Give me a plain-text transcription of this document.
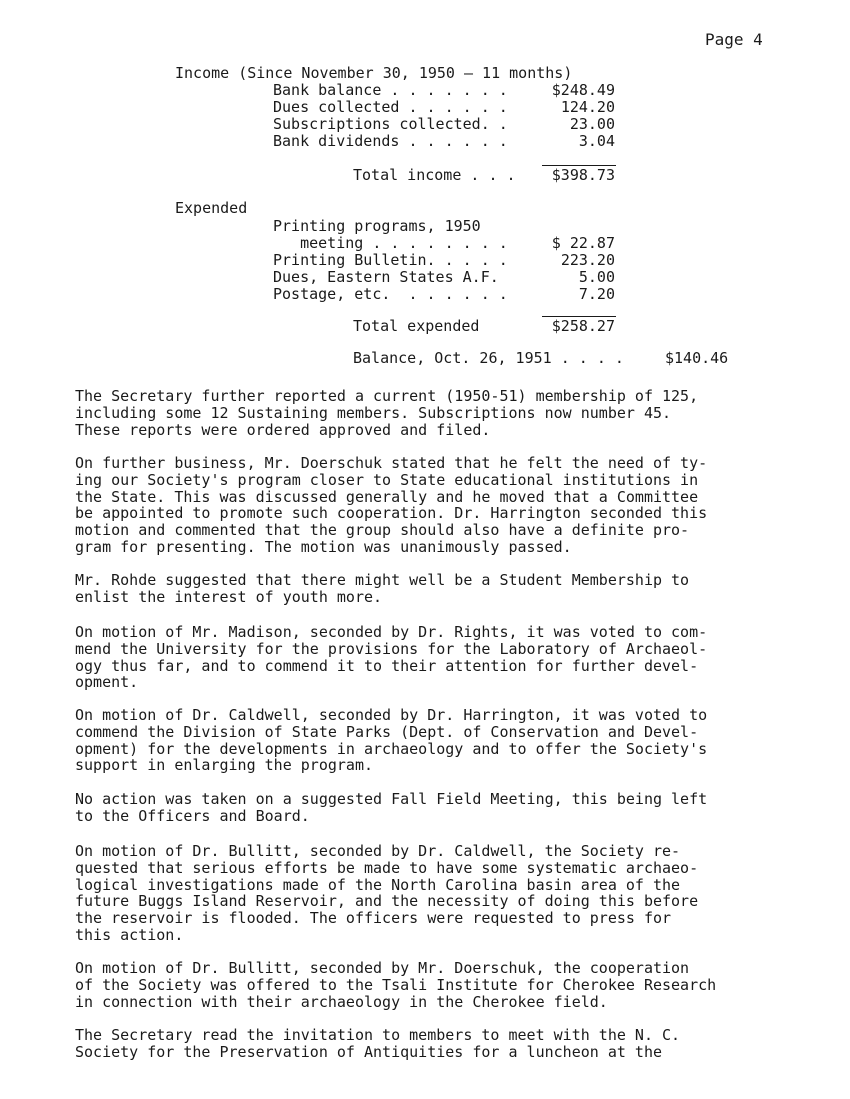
Page 4
Income (Since November 30, 1950 — 11 months)
Bank balance . . . . . . .	$248.49
Dues collected . . . . . .	124.20
Subscriptions collected. .	23.00
Bank dividends . . . . . .	3.04
Total income . . .	$398.73
Expended
Printing programs, 1950
meeting . . . . . . . .	$ 22.87
Printing Bulletin. . . . .	223.20
Dues, Eastern States A.F.	5.00
Postage, etc.  . . . . . .	7.20
Total expended	$258.27
Balance, Oct. 26, 1951 . . . .	$140.46
The Secretary further reported a current (1950-51) membership of 125,
including some 12 Sustaining members. Subscriptions now number 45.
These reports were ordered approved and filed.
On further business, Mr. Doerschuk stated that he felt the need of ty-
ing our Society's program closer to State educational institutions in
the State. This was discussed generally and he moved that a Committee
be appointed to promote such cooperation. Dr. Harrington seconded this
motion and commented that the group should also have a definite pro-
gram for presenting. The motion was unanimously passed.
Mr. Rohde suggested that there might well be a Student Membership to
enlist the interest of youth more.
On motion of Mr. Madison, seconded by Dr. Rights, it was voted to com-
mend the University for the provisions for the Laboratory of Archaeol-
ogy thus far, and to commend it to their attention for further devel-
opment.
On motion of Dr. Caldwell, seconded by Dr. Harrington, it was voted to
commend the Division of State Parks (Dept. of Conservation and Devel-
opment) for the developments in archaeology and to offer the Society's
support in enlarging the program.
No action was taken on a suggested Fall Field Meeting, this being left
to the Officers and Board.
On motion of Dr. Bullitt, seconded by Dr. Caldwell, the Society re-
quested that serious efforts be made to have some systematic archaeo-
logical investigations made of the North Carolina basin area of the
future Buggs Island Reservoir, and the necessity of doing this before
the reservoir is flooded. The officers were requested to press for
this action.
On motion of Dr. Bullitt, seconded by Mr. Doerschuk, the cooperation
of the Society was offered to the Tsali Institute for Cherokee Research
in connection with their archaeology in the Cherokee field.
The Secretary read the invitation to members to meet with the N. C.
Society for the Preservation of Antiquities for a luncheon at the
